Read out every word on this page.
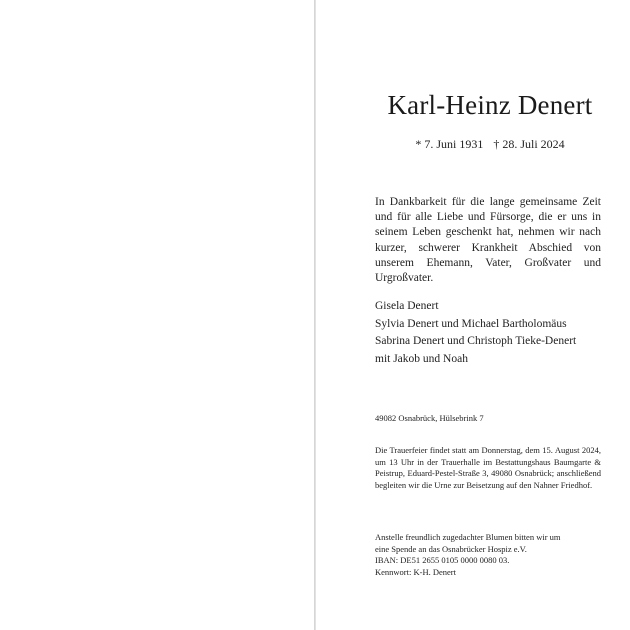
Karl-Heinz Denert
* 7. Juni 1931 † 28. Juli 2024

In Dankbarkeit für die lange gemeinsame Zeit und für alle Liebe und Fürsorge, die er uns in seinem Leben geschenkt hat, nehmen wir nach kurzer, schwerer Krankheit Abschied von unserem Ehemann, Vater, Großvater und Urgroßvater.

Gisela Denert
Sylvia Denert und Michael Bartholomäus
Sabrina Denert und Christoph Tieke-Denert
mit Jakob und Noah
49082 Osnabrück, Hülsebrink 7
Die Trauerfeier findet statt am Donnerstag, dem 15. August 2024, um 13 Uhr in der Trauerhalle im Bestattungshaus Baumgarte & Peistrup, Eduard-Pestel-Straße 3, 49080 Osnabrück; anschließend begleiten wir die Urne zur Beisetzung auf den Nahner Friedhof.
Anstelle freundlich zugedachter Blumen bitten wir um
eine Spende an das Osnabrücker Hospiz e.V.
IBAN: DE51 2655 0105 0000 0080 03.
Kennwort: K-H. Denert
